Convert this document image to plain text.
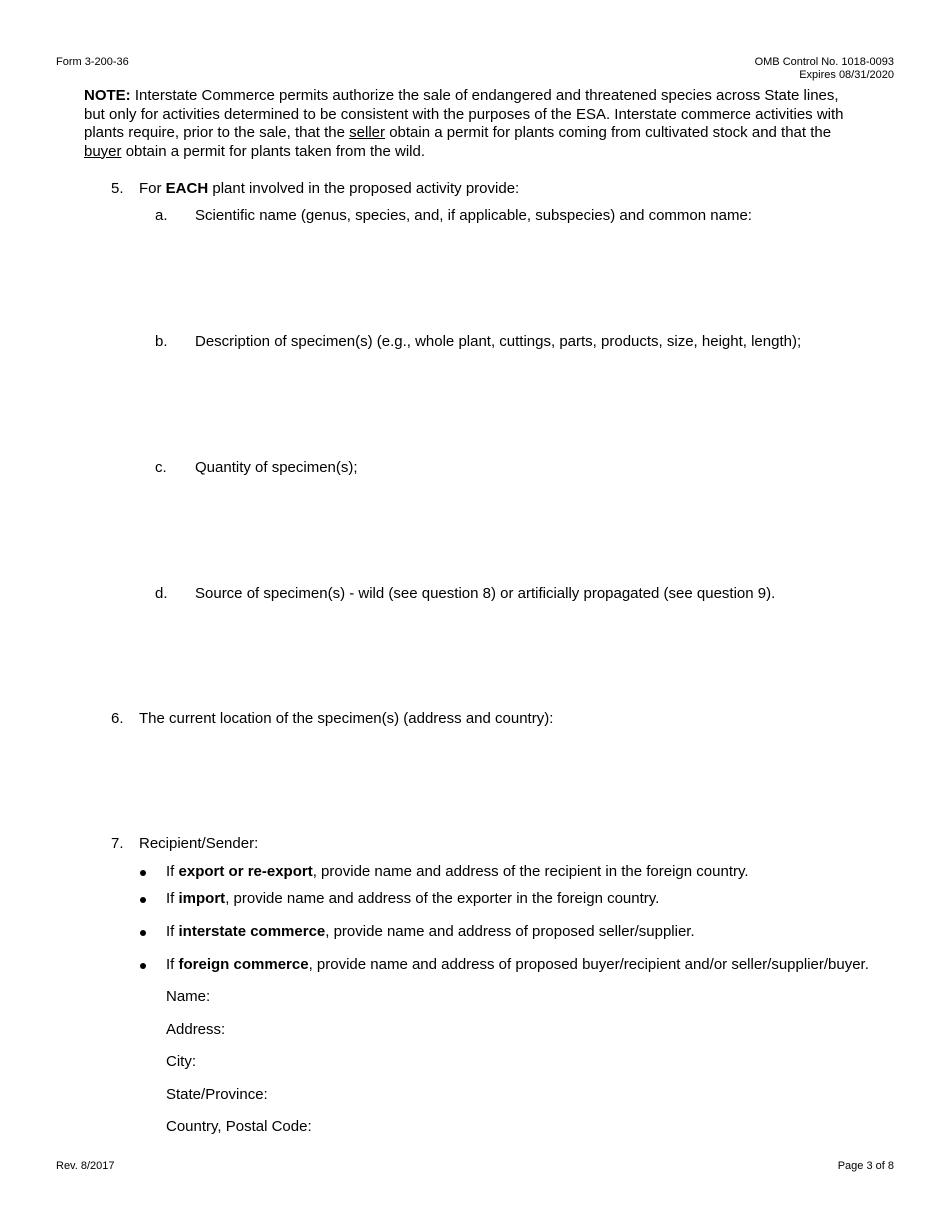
Form 3-200-36	OMB Control No. 1018-0093
Expires 08/31/2020
NOTE: Interstate Commerce permits authorize the sale of endangered and threatened species across State lines,
but only for activities determined to be consistent with the purposes of the ESA. Interstate commerce activities with
plants require, prior to the sale, that the seller obtain a permit for plants coming from cultivated stock and that the
buyer obtain a permit for plants taken from the wild.
5. For EACH plant involved in the proposed activity provide:
a. Scientific name (genus, species, and, if applicable, subspecies) and common name:
b. Description of specimen(s) (e.g., whole plant, cuttings, parts, products, size, height, length);
c. Quantity of specimen(s);
d. Source of specimen(s) - wild (see question 8) or artificially propagated (see question 9).
6. The current location of the specimen(s) (address and country):
7. Recipient/Sender:
If export or re-export, provide name and address of the recipient in the foreign country.
If import, provide name and address of the exporter in the foreign country.
If interstate commerce, provide name and address of proposed seller/supplier.
If foreign commerce, provide name and address of proposed buyer/recipient and/or seller/supplier/buyer.
Name:
Address:
City:
State/Province:
Country, Postal Code:
Rev. 8/2017	Page 3 of 8
